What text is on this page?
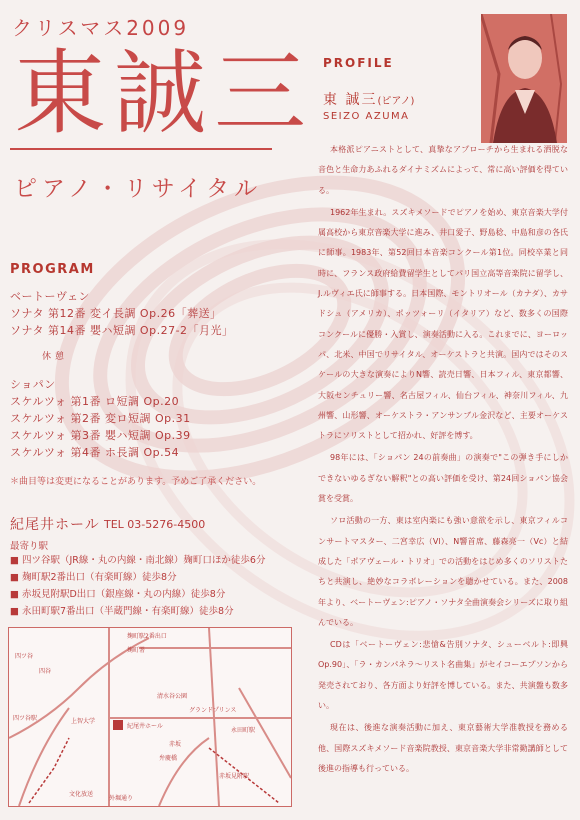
クリスマス2009
東誠三
ピアノ・リサイタル
PROGRAM
ベートーヴェン
ソナタ 第12番 変イ長調 Op.26「葬送」
ソナタ 第14番 嬰ハ短調 Op.27-2「月光」
休 憩
ショパン
スケルツォ 第1番 ロ短調 Op.20
スケルツォ 第2番 変ロ短調 Op.31
スケルツォ 第3番 嬰ハ短調 Op.39
スケルツォ 第4番 ホ長調 Op.54
＊曲目等は変更になることがあります。予めご了承ください。
紀尾井ホール TEL 03-5276-4500
最寄り駅
■ 四ツ谷駅（JR線・丸の内線・南北線）麹町口ほか徒歩6分
■ 麹町駅2番出口（有楽町線）徒歩8分
■ 赤坂見附駅D出口（銀座線・丸の内線）徒歩8分
■ 永田町駅7番出口（半蔵門線・有楽町線）徒歩8分
麹町駅2番出口
四ツ谷
四谷
四ツ谷駅	上智大学
紀尾井ホール
清水谷公園
グランドプリンス
赤坂
弁慶橋
永田町駅
赤坂見附駅
外堀通り
文化放送
麹町署
PROFILE
東 誠三(ピアノ)
SEIZO AZUMA

本格派ピアニストとして、真摯なアプローチから生まれる洒脱な音色と生命力あふれるダイナミズムによって、常に高い評価を得ている。

1962年生まれ。スズキメソードでピアノを始め、東京音楽大学付属高校から東京音楽大学に進み、井口愛子、野島稔、中島和彦の各氏に師事。1983年、第52回日本音楽コンクール第1位。同校卒業と同時に、フランス政府給費留学生としてパリ国立高等音楽院に留学し、J.ルヴィエ氏に師事する。日本国際、モントリオール（カナダ）、カサドシュ（アメリカ）、ポッツォーリ（イタリア）など、数多くの国際コンクールに優勝・入賞し、演奏活動に入る。これまでに、ヨーロッパ、北米、中国でリサイタル、オーケストラと共演。国内ではそのスケールの大きな演奏によりN響、読売日響、日本フィル、東京都響、大阪センチュリー響、名古屋フィル、仙台フィル、神奈川フィル、九州響、山形響、オーケストラ・アンサンブル金沢など、主要オーケストラにソリストとして招かれ、好評を博す。

98年には、「ショパン 24の前奏曲」の演奏で"この弾き手にしかできないゆるぎない解釈"との高い評価を受け、第24回ショパン協会賞を受賞。

ソロ活動の一方、東は室内楽にも強い意欲を示し、東京フィルコンサートマスター、二宮幸広（Vl）、N響首席、藤森亮一（Vc）と結成した「ポアヴェール・トリオ」での活動をはじめ多くのソリストたちと共演し、絶妙なコラボレーションを聴かせている。また、2008年より、ベートーヴェン:ピアノ・ソナタ全曲演奏会シリーズに取り組んでいる。

CDは「ベートーヴェン:悲愴&告別ソナタ、シューベルト:即興Op.90」、「ラ・カンパネラ〜リスト名曲集」がセイコーエプソンから発売されており、各方面より好評を博している。また、共演盤も数多い。

現在は、後進な演奏活動に加え、東京藝術大学准教授を務める他、国際スズキメソード音楽院教授、東京音楽大学非常勤講師として後進の指導も行っている。
